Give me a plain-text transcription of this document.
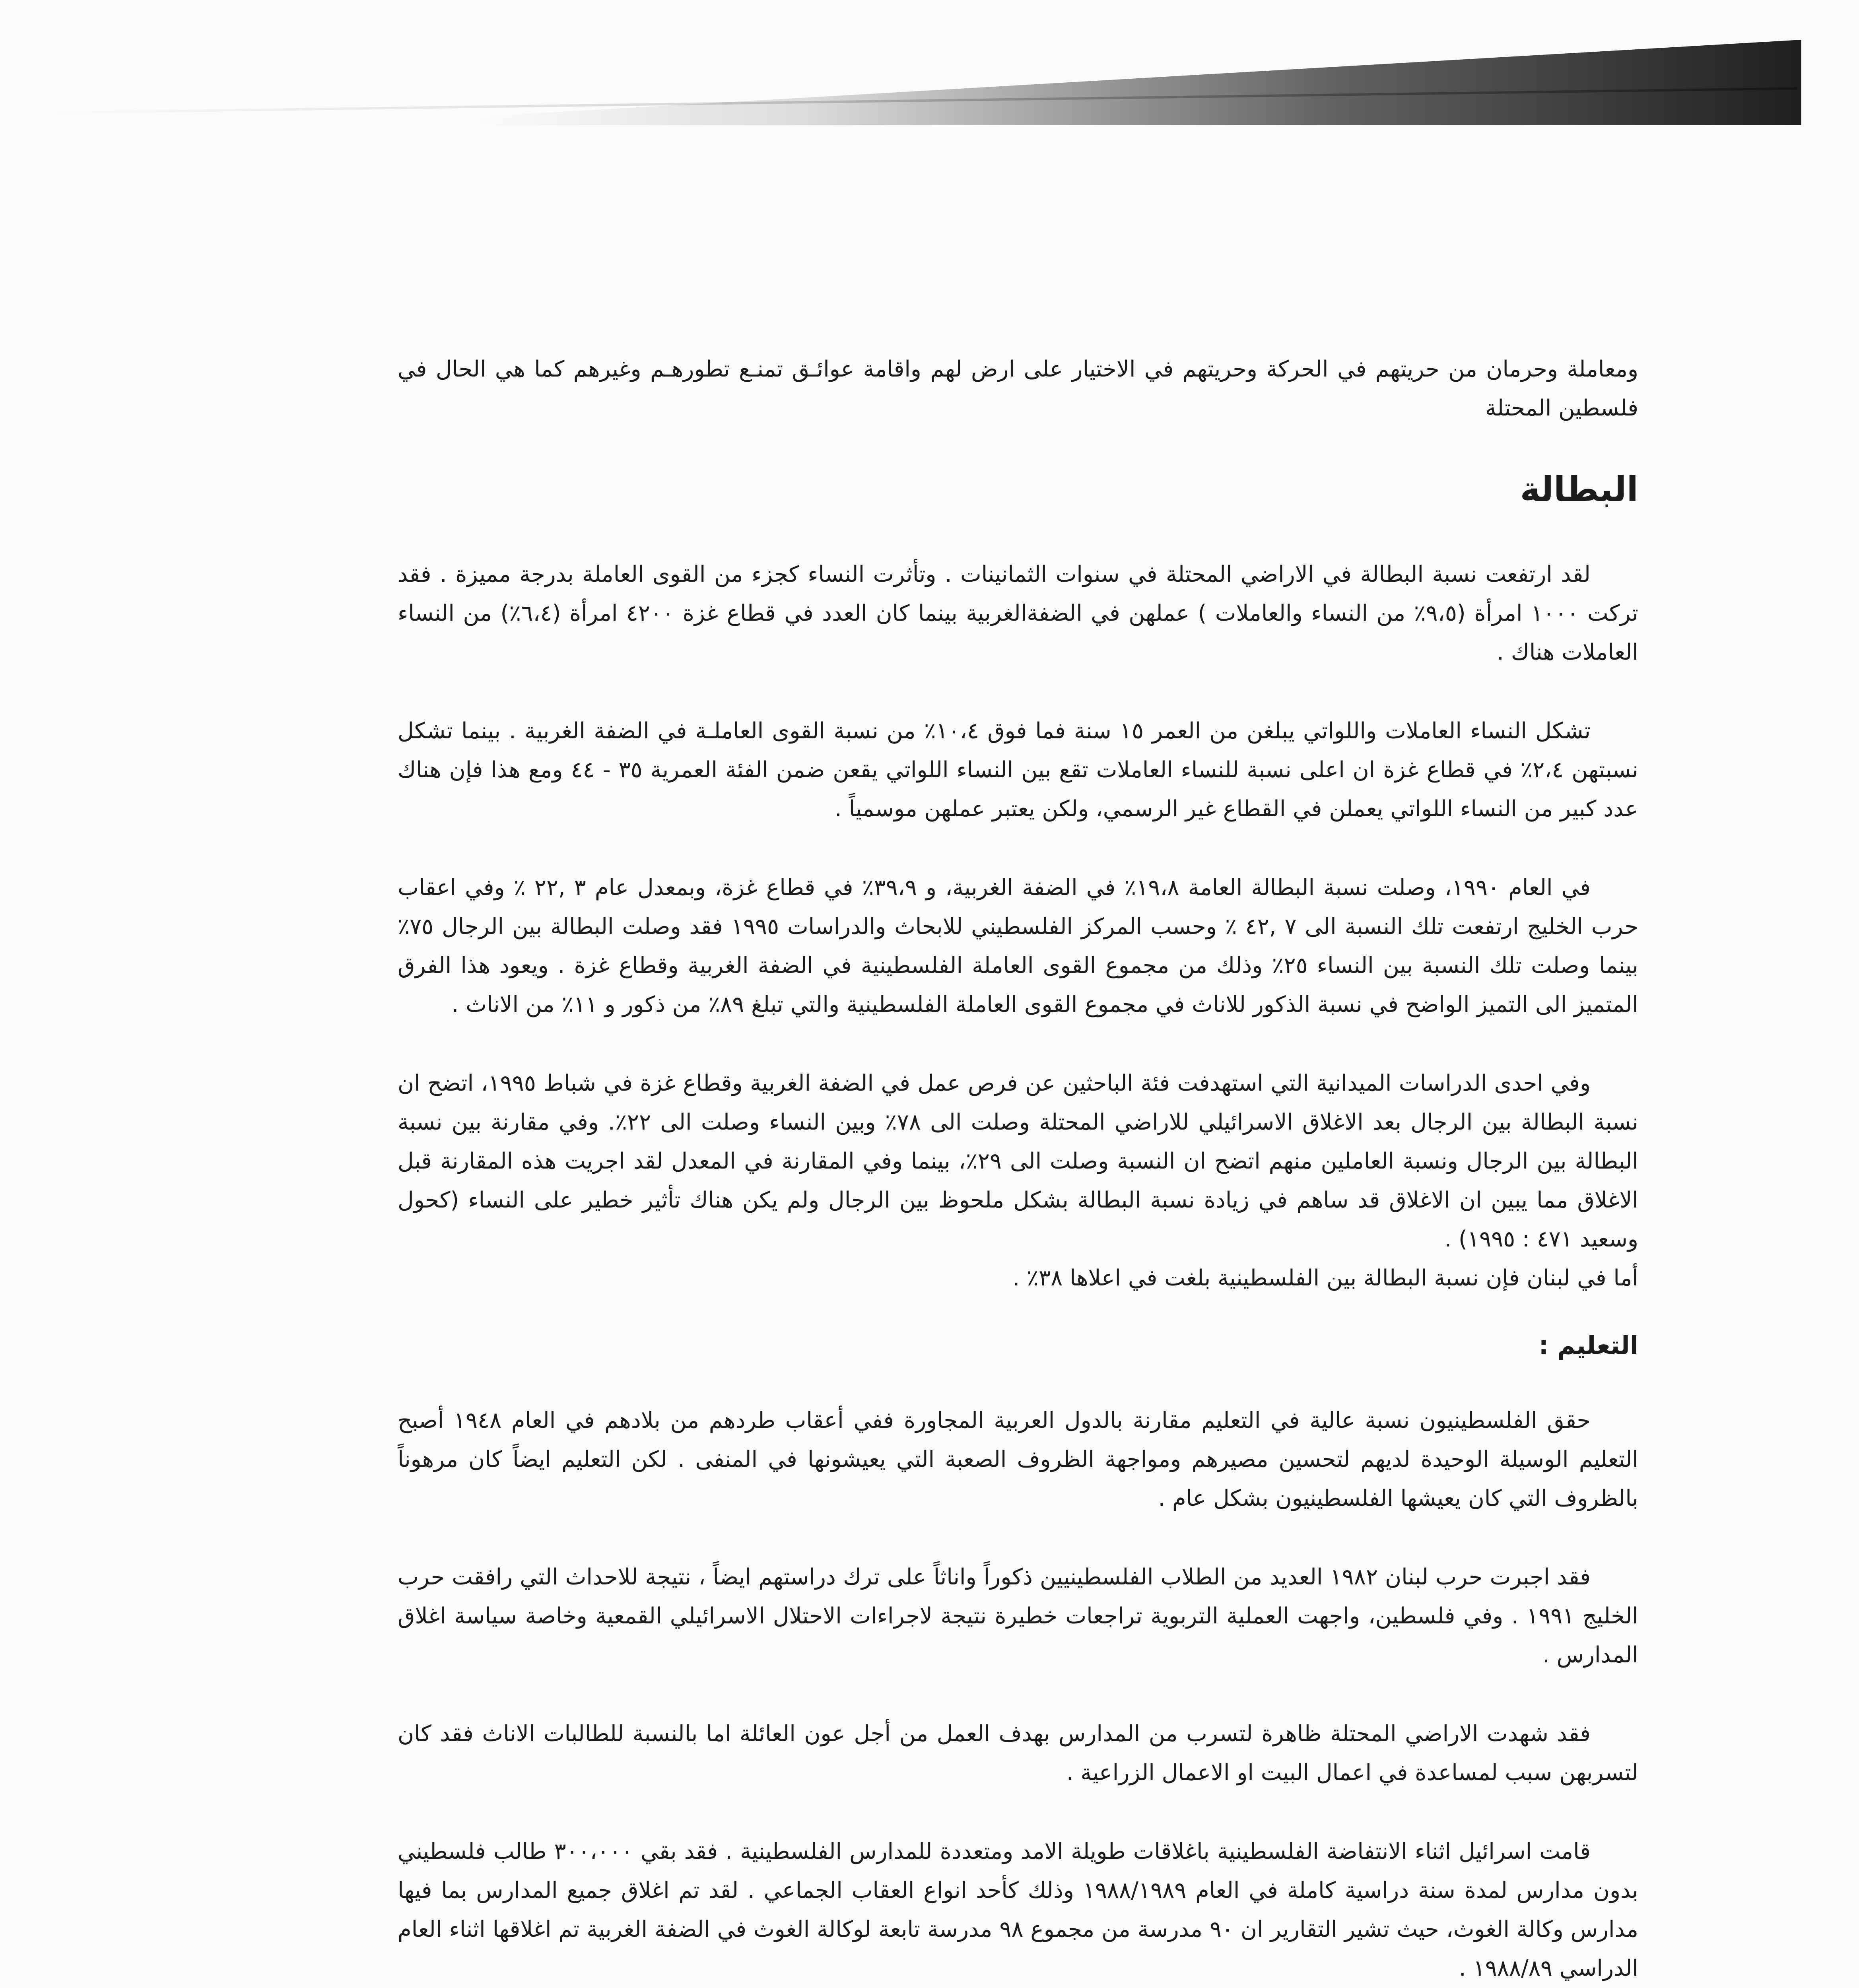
ومعاملة وحرمان من حريتهم في الحركة وحريتهم في الاختيار على ارض لهم واقامة عوائـق تمنـع تطورهـم وغيرهم كما هي الحال في فلسطين المحتلة

البطالة

لقد ارتفعت نسبة البطالة في الاراضي المحتلة في سنوات الثمانينات . وتأثرت النساء كجزء من القوى العاملة بدرجة مميزة . فقد تركت ١٠٠٠ امرأة (٩،٥٪ من النساء والعاملات ) عملهن في الضفةالغربية بينما كان العدد في قطاع غزة ٤٢٠٠ امرأة (٦،٤٪) من النساء العاملات هناك .

تشكل النساء العاملات واللواتي يبلغن من العمر ١٥ سنة فما فوق ١٠،٤٪ من نسبة القوى العاملـة في الضفة الغربية . بينما تشكل نسبتهن ٢،٤٪ في قطاع غزة ان اعلى نسبة للنساء العاملات تقع بين النساء اللواتي يقعن ضمن الفئة العمرية ٣٥ - ٤٤ ومع هذا فإن هناك عدد كبير من النساء اللواتي يعملن في القطاع غير الرسمي، ولكن يعتبر عملهن موسمياً .

في العام ١٩٩٠، وصلت نسبة البطالة العامة ١٩،٨٪ في الضفة الغربية، و ٣٩،٩٪ في قطاع غزة، وبمعدل عام ٣ ,٢٢ ٪ وفي اعقاب حرب الخليج ارتفعت تلك النسبة الى ٧ ,٤٢ ٪ وحسب المركز الفلسطيني للابحاث والدراسات ١٩٩٥ فقد وصلت البطالة بين الرجال ٧٥٪ بينما وصلت تلك النسبة بين النساء ٢٥٪ وذلك من مجموع القوى العاملة الفلسطينية في الضفة الغربية وقطاع غزة . ويعود هذا الفرق المتميز الى التميز الواضح في نسبة الذكور للاناث في مجموع القوى العاملة الفلسطينية والتي تبلغ ٨٩٪ من ذكور و ١١٪ من الاناث .

وفي احدى الدراسات الميدانية التي استهدفت فئة الباحثين عن فرص عمل في الضفة الغربية وقطاع غزة في شباط ١٩٩٥، اتضح ان نسبة البطالة بين الرجال بعد الاغلاق الاسرائيلي للاراضي المحتلة وصلت الى ٧٨٪ وبين النساء وصلت الى ٢٢٪. وفي مقارنة بين نسبة البطالة بين الرجال ونسبة العاملين منهم اتضح ان النسبة وصلت الى ٢٩٪، بينما وفي المقارنة في المعدل لقد اجريت هذه المقارنة قبل الاغلاق مما يبين ان الاغلاق قد ساهم في زيادة نسبة البطالة بشكل ملحوظ بين الرجال ولم يكن هناك تأثير خطير على النساء (كحول وسعيد ٤٧١ : ١٩٩٥) .

أما في لبنان فإن نسبة البطالة بين الفلسطينية بلغت في اعلاها ٣٨٪ .

التعليم :

حقق الفلسطينيون نسبة عالية في التعليم مقارنة بالدول العربية المجاورة ففي أعقاب طردهم من بلادهم في العام ١٩٤٨ أصبح التعليم الوسيلة الوحيدة لديهم لتحسين مصيرهم ومواجهة الظروف الصعبة التي يعيشونها في المنفى . لكن التعليم ايضاً كان مرهوناً بالظروف التي كان يعيشها الفلسطينيون بشكل عام .

فقد اجبرت حرب لبنان ١٩٨٢ العديد من الطلاب الفلسطينيين ذكوراً واناثاً على ترك دراستهم ايضاً ، نتيجة للاحداث التي رافقت حرب الخليج ١٩٩١ . وفي فلسطين، واجهت العملية التربوية تراجعات خطيرة نتيجة لاجراءات الاحتلال الاسرائيلي القمعية وخاصة سياسة اغلاق المدارس .

فقد شهدت الاراضي المحتلة ظاهرة لتسرب من المدارس بهدف العمل من أجل عون العائلة اما بالنسبة للطالبات الاناث فقد كان لتسربهن سبب لمساعدة في اعمال البيت او الاعمال الزراعية .

قامت اسرائيل اثناء الانتفاضة الفلسطينية باغلاقات طويلة الامد ومتعددة للمدارس الفلسطينية . فقد بقي ٣٠٠،٠٠٠ طالب فلسطيني بدون مدارس لمدة سنة دراسية كاملة في العام ١٩٨٨/١٩٨٩ وذلك كأحد انواع العقاب الجماعي . لقد تم اغلاق جميع المدارس بما فيها مدارس وكالة الغوث، حيث تشير التقارير ان ٩٠ مدرسة من مجموع ٩٨ مدرسة تابعة لوكالة الغوث في الضفة الغربية تم اغلاقها اثناء العام الدراسي ١٩٨٨/٨٩ .
